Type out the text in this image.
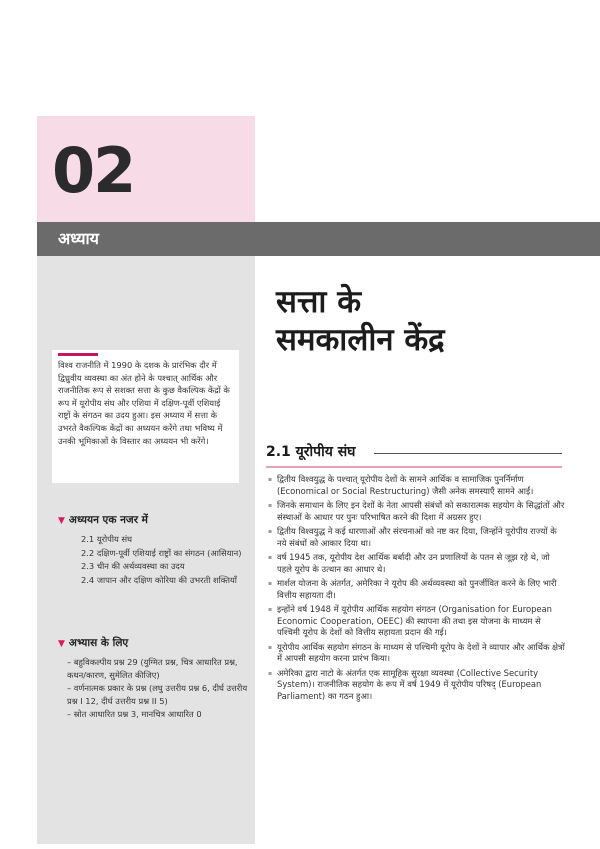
02
अध्याय
सत्ता के
समकालीन केंद्र
विश्व राजनीति में 1990 के दशक के प्रारंभिक दौर में द्विध्रुवीय व्यवस्था का अंत होने के पश्चात् आर्थिक और राजनीतिक रूप से सशक्त सत्ता के कुछ वैकल्पिक केंद्रों के रूप में यूरोपीय संघ और एशिया में दक्षिण-पूर्वी एशियाई राष्ट्रों के संगठन का उदय हुआ। इस अध्याय में सत्ता के उभरते वैकल्पिक केंद्रों का अध्ययन करेंगे तथा भविष्य में उनकी भूमिकाओं के विस्तार का अध्ययन भी करेंगे।
▼ अध्ययन एक नजर में
2.1 यूरोपीय संघ
2.2 दक्षिण-पूर्वी एशियाई राष्ट्रों का संगठन (आसियान)
2.3 चीन की अर्थव्यवस्था का उदय
2.4 जापान और दक्षिण कोरिया की उभरती शक्तियाँ
▼ अभ्यास के लिए
– बहुविकल्पीय प्रश्न 29 (युग्मित प्रश्न, चित्र आधारित प्रश्न, कथन/कारण, सुमेलित कीजिए)
– वर्णनात्मक प्रकार के प्रश्न (लघु उत्तरीय प्रश्न 6, दीर्घ उत्तरीय प्रश्न I 12, दीर्घ उत्तरीय प्रश्न II 5)
– स्रोत आधारित प्रश्न 3, मानचित्र आधारित 0
2.1 यूरोपीय संघ
▪ द्वितीय विश्वयुद्ध के पश्चात् यूरोपीय देशों के सामने आर्थिक व सामाजिक पुनर्निर्माण (Economical or Social Restructuring) जैसी अनेक समस्याएँ सामने आईं।
▪ जिनके समाधान के लिए इन देशों के नेता आपसी संबंधों को सकारात्मक सहयोग के सिद्धांतों और संस्थाओं के आधार पर पुनः परिभाषित करने की दिशा में अग्रसर हुए।
▪ द्वितीय विश्वयुद्ध ने कई धारणाओं और संरचनाओं को नष्ट कर दिया, जिन्होंने यूरोपीय राज्यों के नये संबंधों को आकार दिया था।
▪ वर्ष 1945 तक, यूरोपीय देश आर्थिक बर्बादी और उन प्रणालियों के पतन से जूझ रहे थे, जो पहले यूरोप के उत्थान का आधार थे।
▪ मार्शल योजना के अंतर्गत, अमेरिका ने यूरोप की अर्थव्यवस्था को पुनर्जीवित करने के लिए भारी वित्तीय सहायता दी।
▪ इन्होंने वर्ष 1948 में यूरोपीय आर्थिक सहयोग संगठन (Organisation for European Economic Cooperation, OEEC) की स्थापना की तथा इस योजना के माध्यम से पश्चिमी यूरोप के देशों को वित्तीय सहायता प्रदान की गई।
▪ यूरोपीय आर्थिक सहयोग संगठन के माध्यम से पश्चिमी यूरोप के देशों ने व्यापार और आर्थिक क्षेत्रों में आपसी सहयोग करना प्रारंभ किया।
▪ अमेरिका द्वारा नाटो के अंतर्गत एक सामूहिक सुरक्षा व्यवस्था (Collective Security System)। राजनीतिक सहयोग के रूप में वर्ष 1949 में यूरोपीय परिषद् (European Parliament) का गठन हुआ।
